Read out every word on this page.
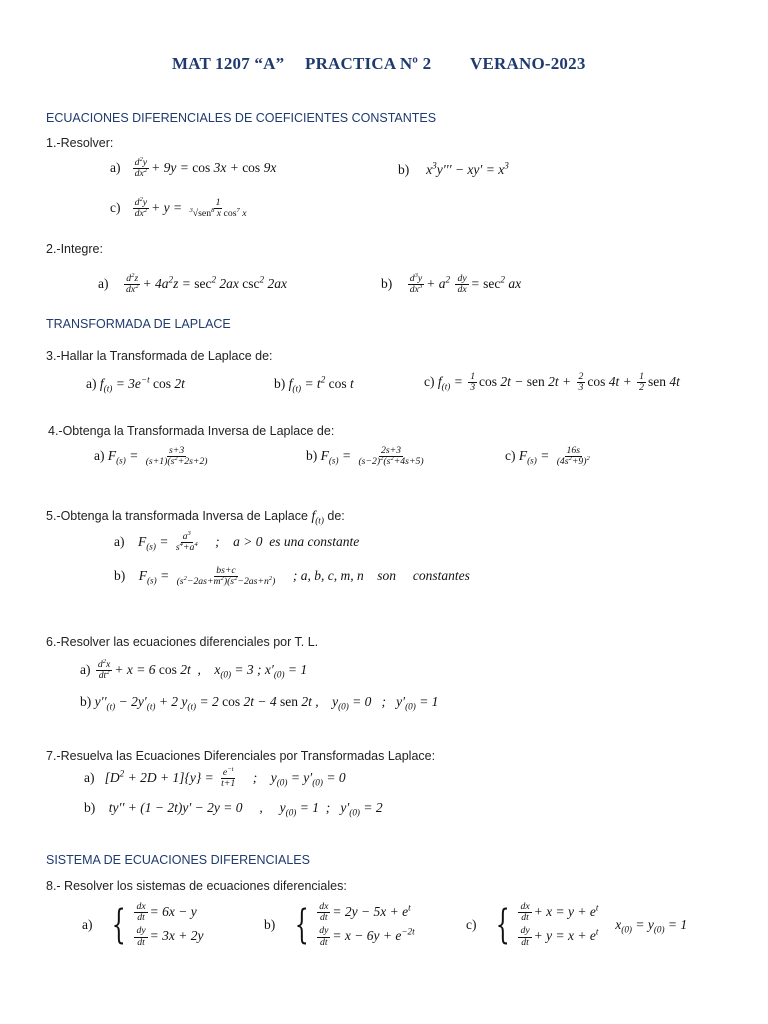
MAT 1207 “A” PRACTICA Nº 2 VERANO-2023
ECUACIONES DIFERENCIALES DE COEFICIENTES CONSTANTES
1.-Resolver:
$a) \frac{d^2y}{dx^2} + 9y = \cos 3x + \cos 9x$	b)     $x^3y''' - xy' = x^3$
$c) \frac{d^2y}{dx^2} + y = \frac{1}{^3√sen^8 x \cos^7 x}$
2.-Integre:
$a) \frac{d^2z}{dx^2} + 4a^2z = \sec^2 2ax$ $\csc^2 2ax$	$b) \frac{d^3y}{dx^3} + a^2 \frac{dy}{dx} = \sec^2$ ax
TRANSFORMADA DE LAPLACE
3.-Hallar la Transformada de Laplace de:
a) $f_{(t)} = 3e^{-t}$ cos 2t	b) $f_{(t)} = t^2$ cos t	c) $f_{(t)} = \frac{1}{3}$ cos 2t − sen $2t + \frac{2}{3}$ $\cos 4t + \frac{1}{2}$ sen 4t
4.-Obtenga la Transformada Inversa de Laplace de:
a) $F_{(s)} = \frac{s+3}{(s+1)(s^2+2s+2)}$	b) $F_{(s)} = \frac{2s+3}{(s-2)^2(s^2+4s+5)}$	c) $F_{(s)} = \frac{16s}{(4s^2+9)^2}$
5.-Obtenga la transformada Inversa de Laplace $f_{(t)}$ de:
a)    $F_{(s)} = \frac{a^3}{s^4+a^4}$ ;    a > 0  es una constante
b)    $F_{(s)} = \frac{bs+c}{(s^2-2as+m^2)(s^2-2as+n^2)}$ ; a, b, c, m, n    son     constantes
6.-Resolver las ecuaciones diferenciales por T. L.
$a) \frac{d^2x}{dt^2} + x = 6$ cos 2t  ,    $x_{(0)} = 3$ ; $x'_{(0)} = 1$
b) $y''_{(t)} - 2y'_{(t)} + 2$ $y_{(t)} = 2$ cos 2t − 4 sen 2t ,    $y_{(0)} = 0$   ;   $y'_{(0)} = 1$
7.-Resuelva las Ecuaciones Diferenciales por Transformadas Laplace:
a)   $[D^2 + 2D + 1]\{y\} = \frac{e^{-t}}{t+1}$ ;    $y_{(0)} = y'_{(0)} = 0$
b)    ty′′ + (1 − 2t)y′ − 2y = 0     ,     $y_{(0)} = 1$  ;   $y'_{(0)} = 2$
SISTEMA DE ECUACIONES DIFERENCIALES
8.- Resolver los sistemas de ecuaciones diferenciales:
a) { $\frac{dx}{dt} = 6x - y$
$\frac{dy}{dt} = 3x + 2y$
b) { $\frac{dx}{dt} = 2y - 5x + e^t$
$\frac{dy}{dt} = x - 6y + e^{-2t}$	c) { $\frac{dx}{dt} + x = y + e^t$
$\frac{dy}{dt} + y = x + e^t$ $x_{(0)} = y_{(0)} = 1$
